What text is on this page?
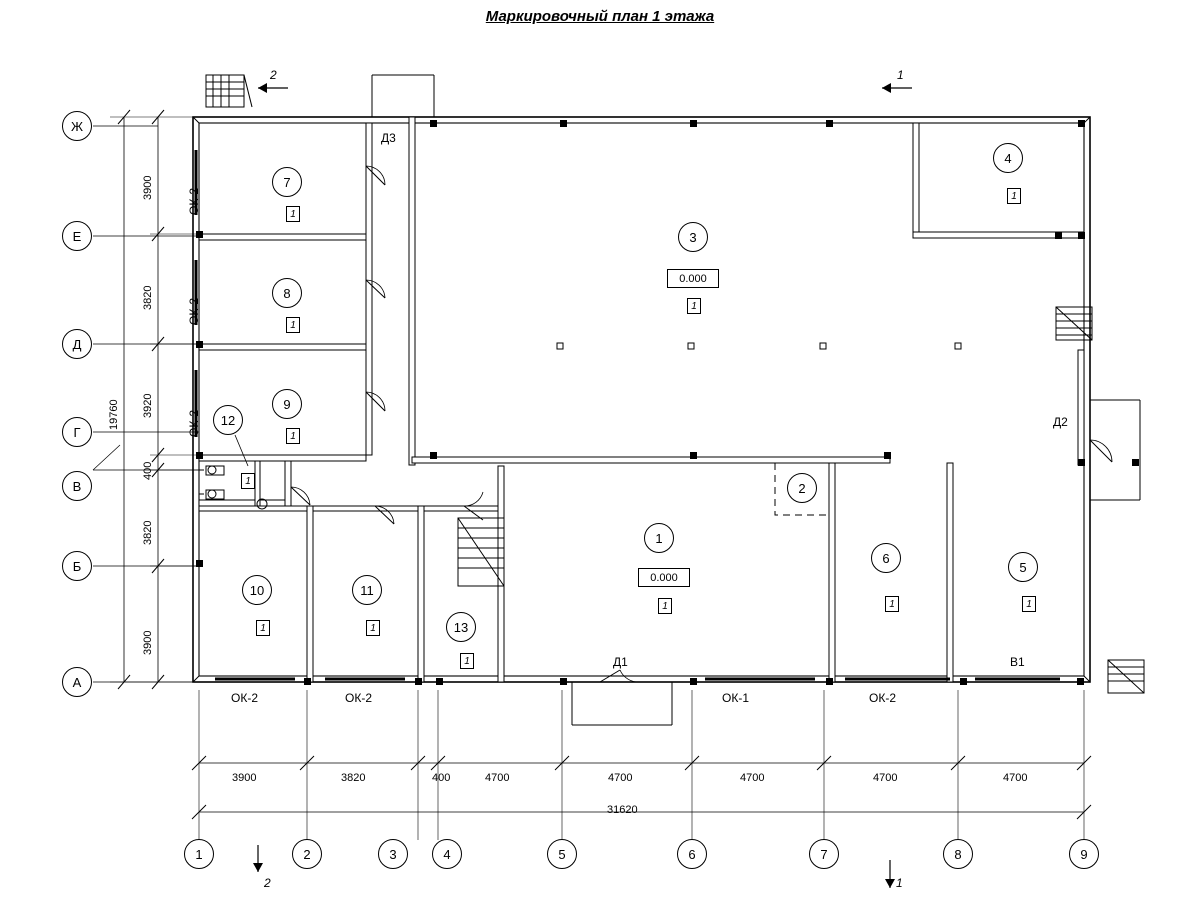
Маркировочный план 1 этажа
Ж
Е
Д
Г
В
Б
А
1	2	3	4	5	6	7	8	9
1
2
3
4
5
6
7
8
9
10	11
12
13
1
1
1
1
1
1
1
1
1	1
1
1
0.000
0.000
ОК-2
ОК-2
ОК-2
ОК-2	ОК-2	ОК-1	ОК-2
Д3
Д2
Д1	В1
3900
3820
3920
400
3820
3900
19760
3900	3820	400	4700	4700	4700	4700	4700
31620
2	1
2	1
